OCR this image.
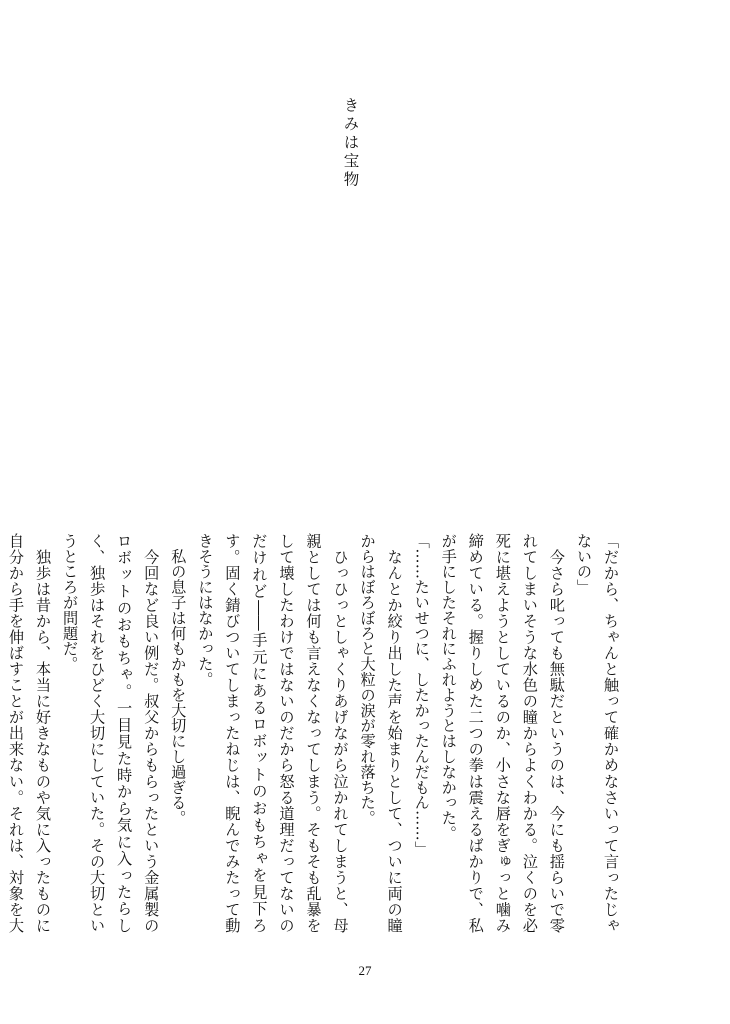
きみは宝物

「だから、ちゃんと触って確かめなさいって言ったじゃないの」

　今さら叱っても無駄だというのは、今にも揺らいで零れてしまいそうな水色の瞳からよくわかる。泣くのを必死に堪えようとしているのか、小さな唇をぎゅっと噛み締めている。握りしめた二つの拳は震えるばかりで、私が手にしたそれにふれようとはしなかった。

「……たいせつに、したかったんだもん……」

　なんとか絞り出した声を始まりとして、ついに両の瞳からはぼろぼろと大粒の涙が零れ落ちた。

　ひっひっとしゃくりあげながら泣かれてしまうと、母親としては何も言えなくなってしまう。そもそも乱暴をして壊したわけではないのだから怒る道理だってないのだけれど――手元にあるロボットのおもちゃを見下ろす。固く錆びついてしまったねじは、睨んでみたって動きそうにはなかった。

　私の息子は何もかもを大切にし過ぎる。

　今回など良い例だ。叔父からもらったという金属製のロボットのおもちゃ。一目見た時から気に入ったらしく、独歩はそれをひどく大切にしていた。その大切というところが問題だ。

　独歩は昔から、本当に好きなものや気に入ったものに自分から手を伸ばすことが出来ない。それは、対象を大

27
